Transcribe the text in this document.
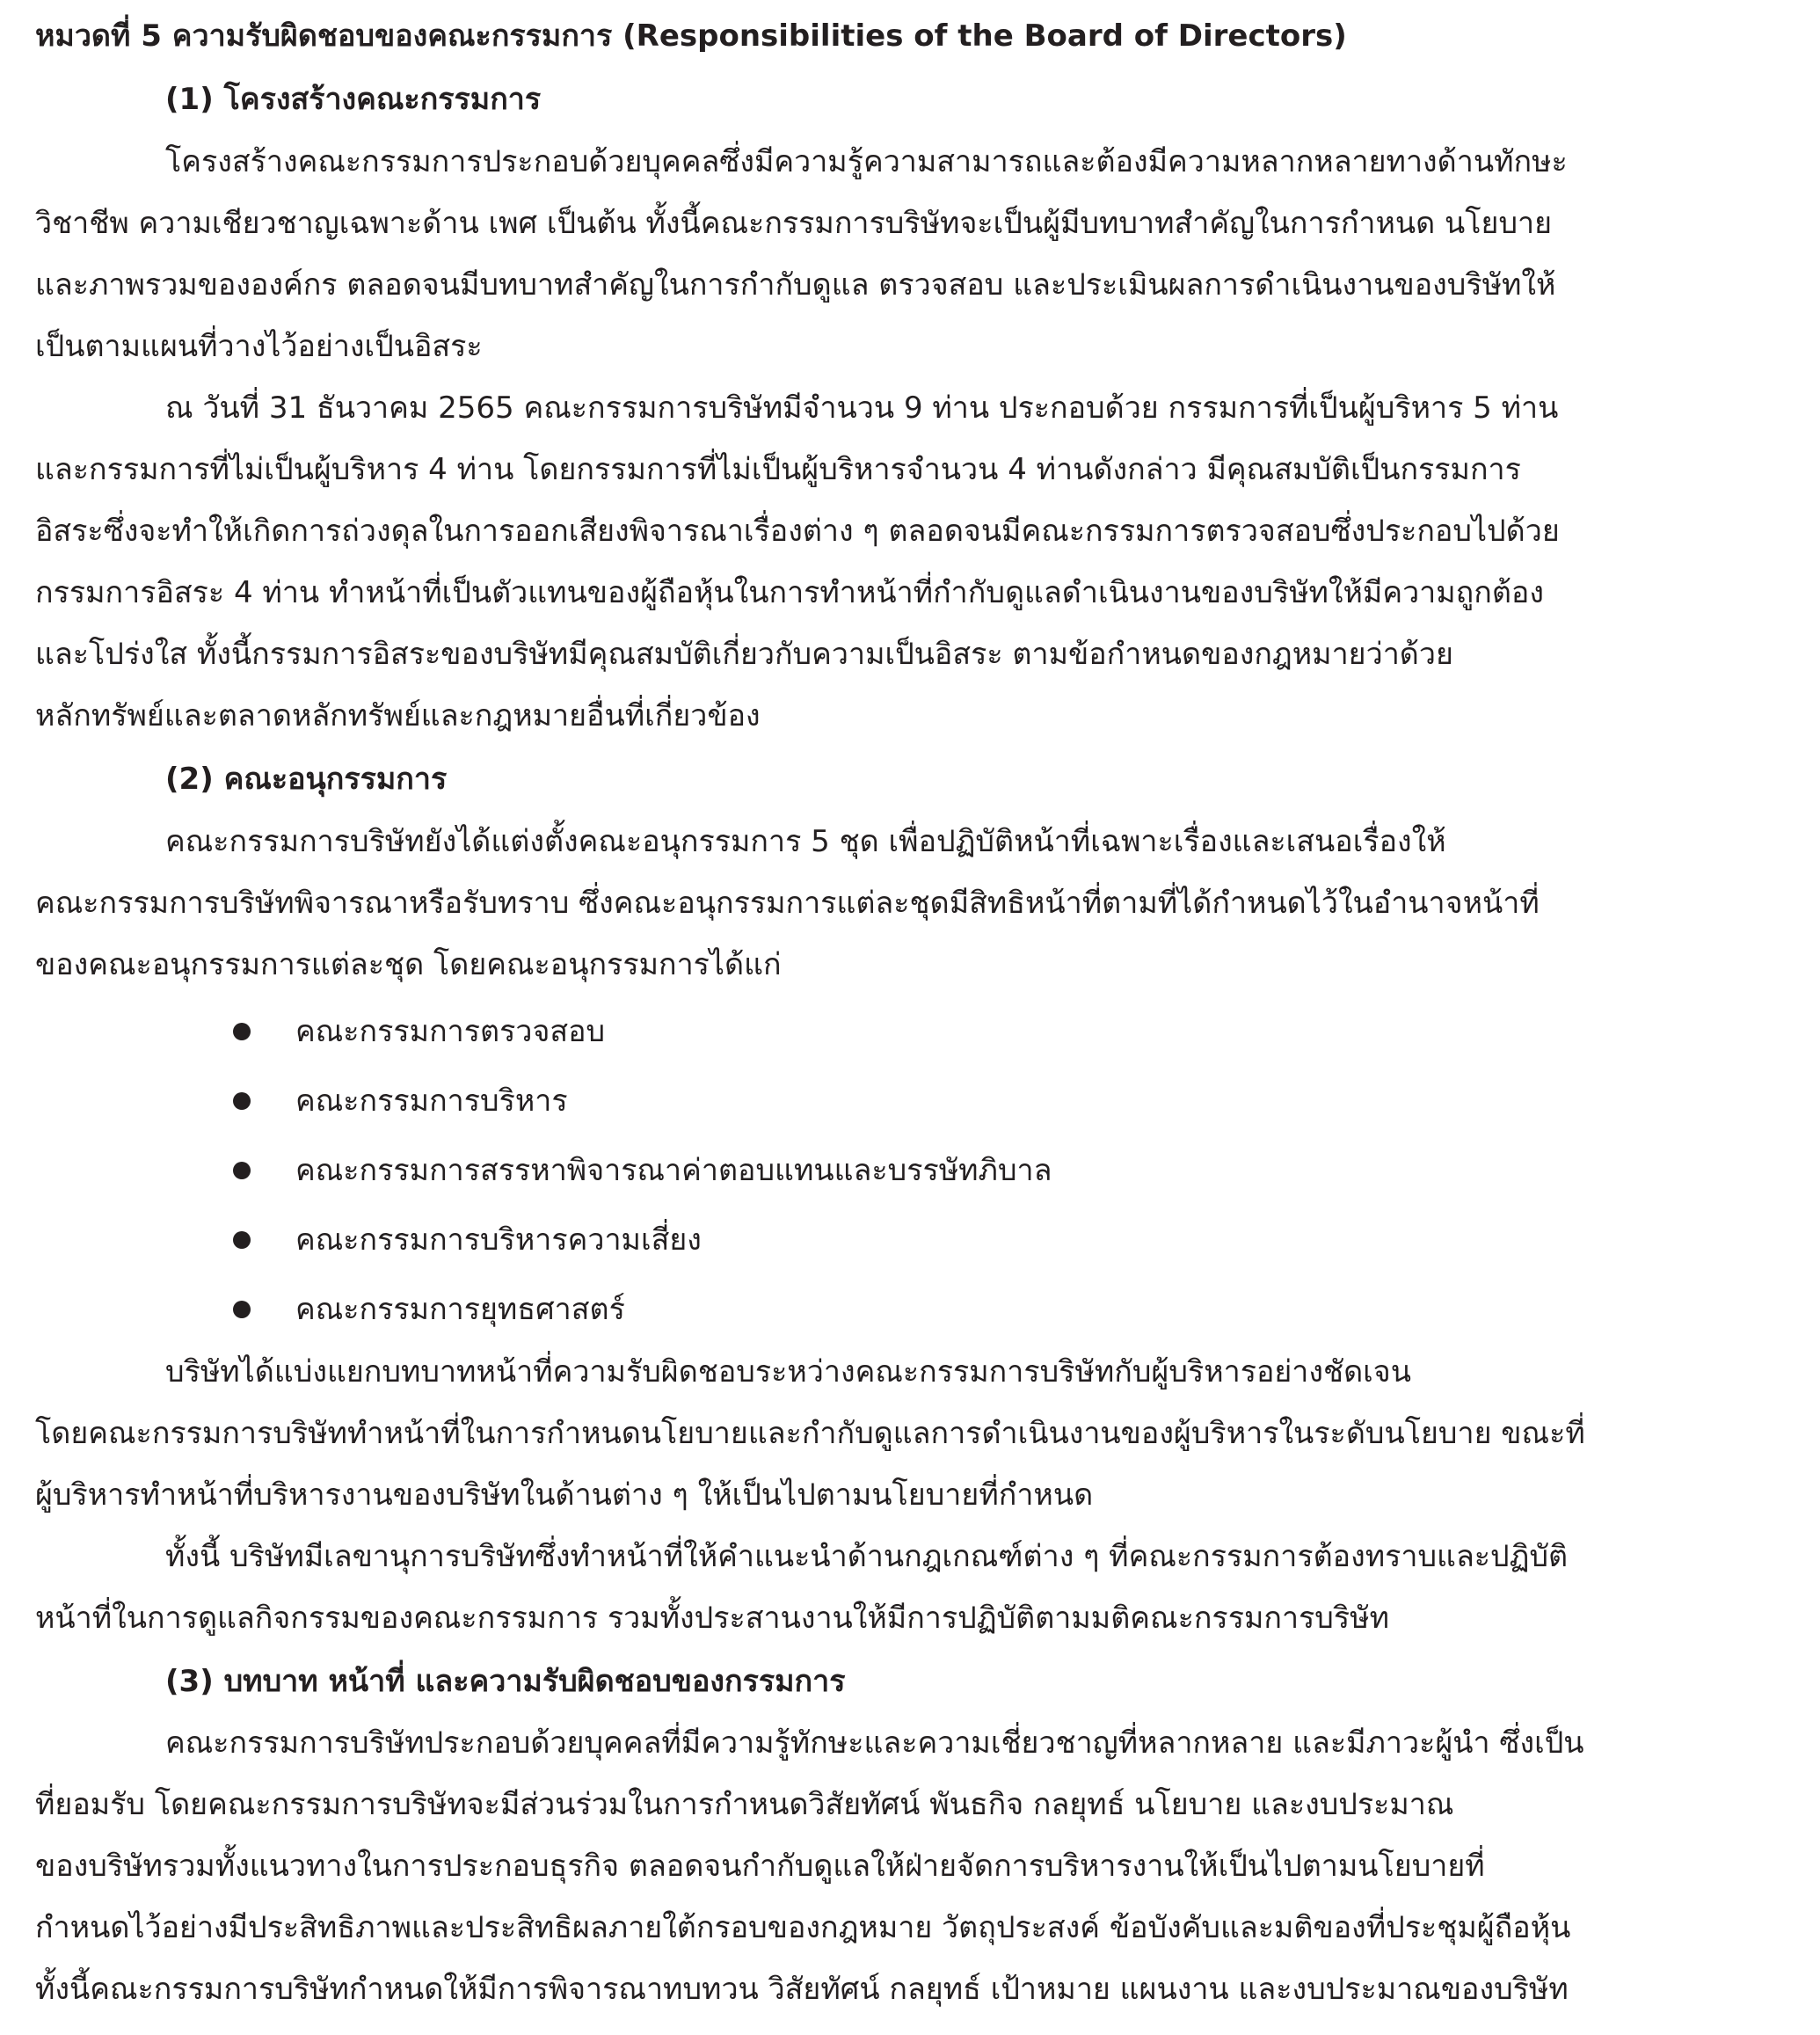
หมวดที่ 5 ความรับผิดชอบของคณะกรรมการ (Responsibilities of the Board of Directors)
(1) โครงสร้างคณะกรรมการ
โครงสร้างคณะกรรมการประกอบด้วยบุคคลซึ่งมีความรู้ความสามารถและต้องมีความหลากหลายทางด้านทักษะ
วิชาชีพ ความเชียวชาญเฉพาะด้าน เพศ เป็นต้น ทั้งนี้คณะกรรมการบริษัทจะเป็นผู้มีบทบาทสำคัญในการกำหนด นโยบาย
และภาพรวมขององค์กร ตลอดจนมีบทบาทสำคัญในการกำกับดูแล ตรวจสอบ และประเมินผลการดำเนินงานของบริษัทให้
เป็นตามแผนที่วางไว้อย่างเป็นอิสระ
ณ วันที่ 31 ธันวาคม 2565 คณะกรรมการบริษัทมีจำนวน 9 ท่าน ประกอบด้วย กรรมการที่เป็นผู้บริหาร 5 ท่าน
และกรรมการที่ไม่เป็นผู้บริหาร 4 ท่าน โดยกรรมการที่ไม่เป็นผู้บริหารจำนวน 4 ท่านดังกล่าว มีคุณสมบัติเป็นกรรมการ
อิสระซึ่งจะทำให้เกิดการถ่วงดุลในการออกเสียงพิจารณาเรื่องต่าง ๆ ตลอดจนมีคณะกรรมการตรวจสอบซึ่งประกอบไปด้วย
กรรมการอิสระ 4 ท่าน ทำหน้าที่เป็นตัวแทนของผู้ถือหุ้นในการทำหน้าที่กำกับดูแลดำเนินงานของบริษัทให้มีความถูกต้อง
และโปร่งใส ทั้งนี้กรรมการอิสระของบริษัทมีคุณสมบัติเกี่ยวกับความเป็นอิสระ ตามข้อกำหนดของกฎหมายว่าด้วย
หลักทรัพย์และตลาดหลักทรัพย์และกฎหมายอื่นที่เกี่ยวข้อง
(2) คณะอนุกรรมการ
คณะกรรมการบริษัทยังได้แต่งตั้งคณะอนุกรรมการ 5 ชุด เพื่อปฏิบัติหน้าที่เฉพาะเรื่องและเสนอเรื่องให้
คณะกรรมการบริษัทพิจารณาหรือรับทราบ ซึ่งคณะอนุกรรมการแต่ละชุดมีสิทธิหน้าที่ตามที่ได้กำหนดไว้ในอำนาจหน้าที่
ของคณะอนุกรรมการแต่ละชุด โดยคณะอนุกรรมการได้แก่
คณะกรรมการตรวจสอบ
คณะกรรมการบริหาร
คณะกรรมการสรรหาพิจารณาค่าตอบแทนและบรรษัทภิบาล
คณะกรรมการบริหารความเสี่ยง
คณะกรรมการยุทธศาสตร์
บริษัทได้แบ่งแยกบทบาทหน้าที่ความรับผิดชอบระหว่างคณะกรรมการบริษัทกับผู้บริหารอย่างชัดเจน
โดยคณะกรรมการบริษัททำหน้าที่ในการกำหนดนโยบายและกำกับดูแลการดำเนินงานของผู้บริหารในระดับนโยบาย ขณะที่
ผู้บริหารทำหน้าที่บริหารงานของบริษัทในด้านต่าง ๆ ให้เป็นไปตามนโยบายที่กำหนด
ทั้งนี้ บริษัทมีเลขานุการบริษัทซึ่งทำหน้าที่ให้คำแนะนำด้านกฎเกณฑ์ต่าง ๆ ที่คณะกรรมการต้องทราบและปฏิบัติ
หน้าที่ในการดูแลกิจกรรมของคณะกรรมการ รวมทั้งประสานงานให้มีการปฏิบัติตามมติคณะกรรมการบริษัท
(3) บทบาท หน้าที่ และความรับผิดชอบของกรรมการ
คณะกรรมการบริษัทประกอบด้วยบุคคลที่มีความรู้ทักษะและความเชี่ยวชาญที่หลากหลาย และมีภาวะผู้นำ ซึ่งเป็น
ที่ยอมรับ โดยคณะกรรมการบริษัทจะมีส่วนร่วมในการกำหนดวิสัยทัศน์ พันธกิจ กลยุทธ์ นโยบาย และงบประมาณ
ของบริษัทรวมทั้งแนวทางในการประกอบธุรกิจ ตลอดจนกำกับดูแลให้ฝ่ายจัดการบริหารงานให้เป็นไปตามนโยบายที่
กำหนดไว้อย่างมีประสิทธิภาพและประสิทธิผลภายใต้กรอบของกฎหมาย วัตถุประสงค์ ข้อบังคับและมติของที่ประชุมผู้ถือหุ้น
ทั้งนี้คณะกรรมการบริษัทกำหนดให้มีการพิจารณาทบทวน วิสัยทัศน์ กลยุทธ์ เป้าหมาย แผนงาน และงบประมาณของบริษัท
